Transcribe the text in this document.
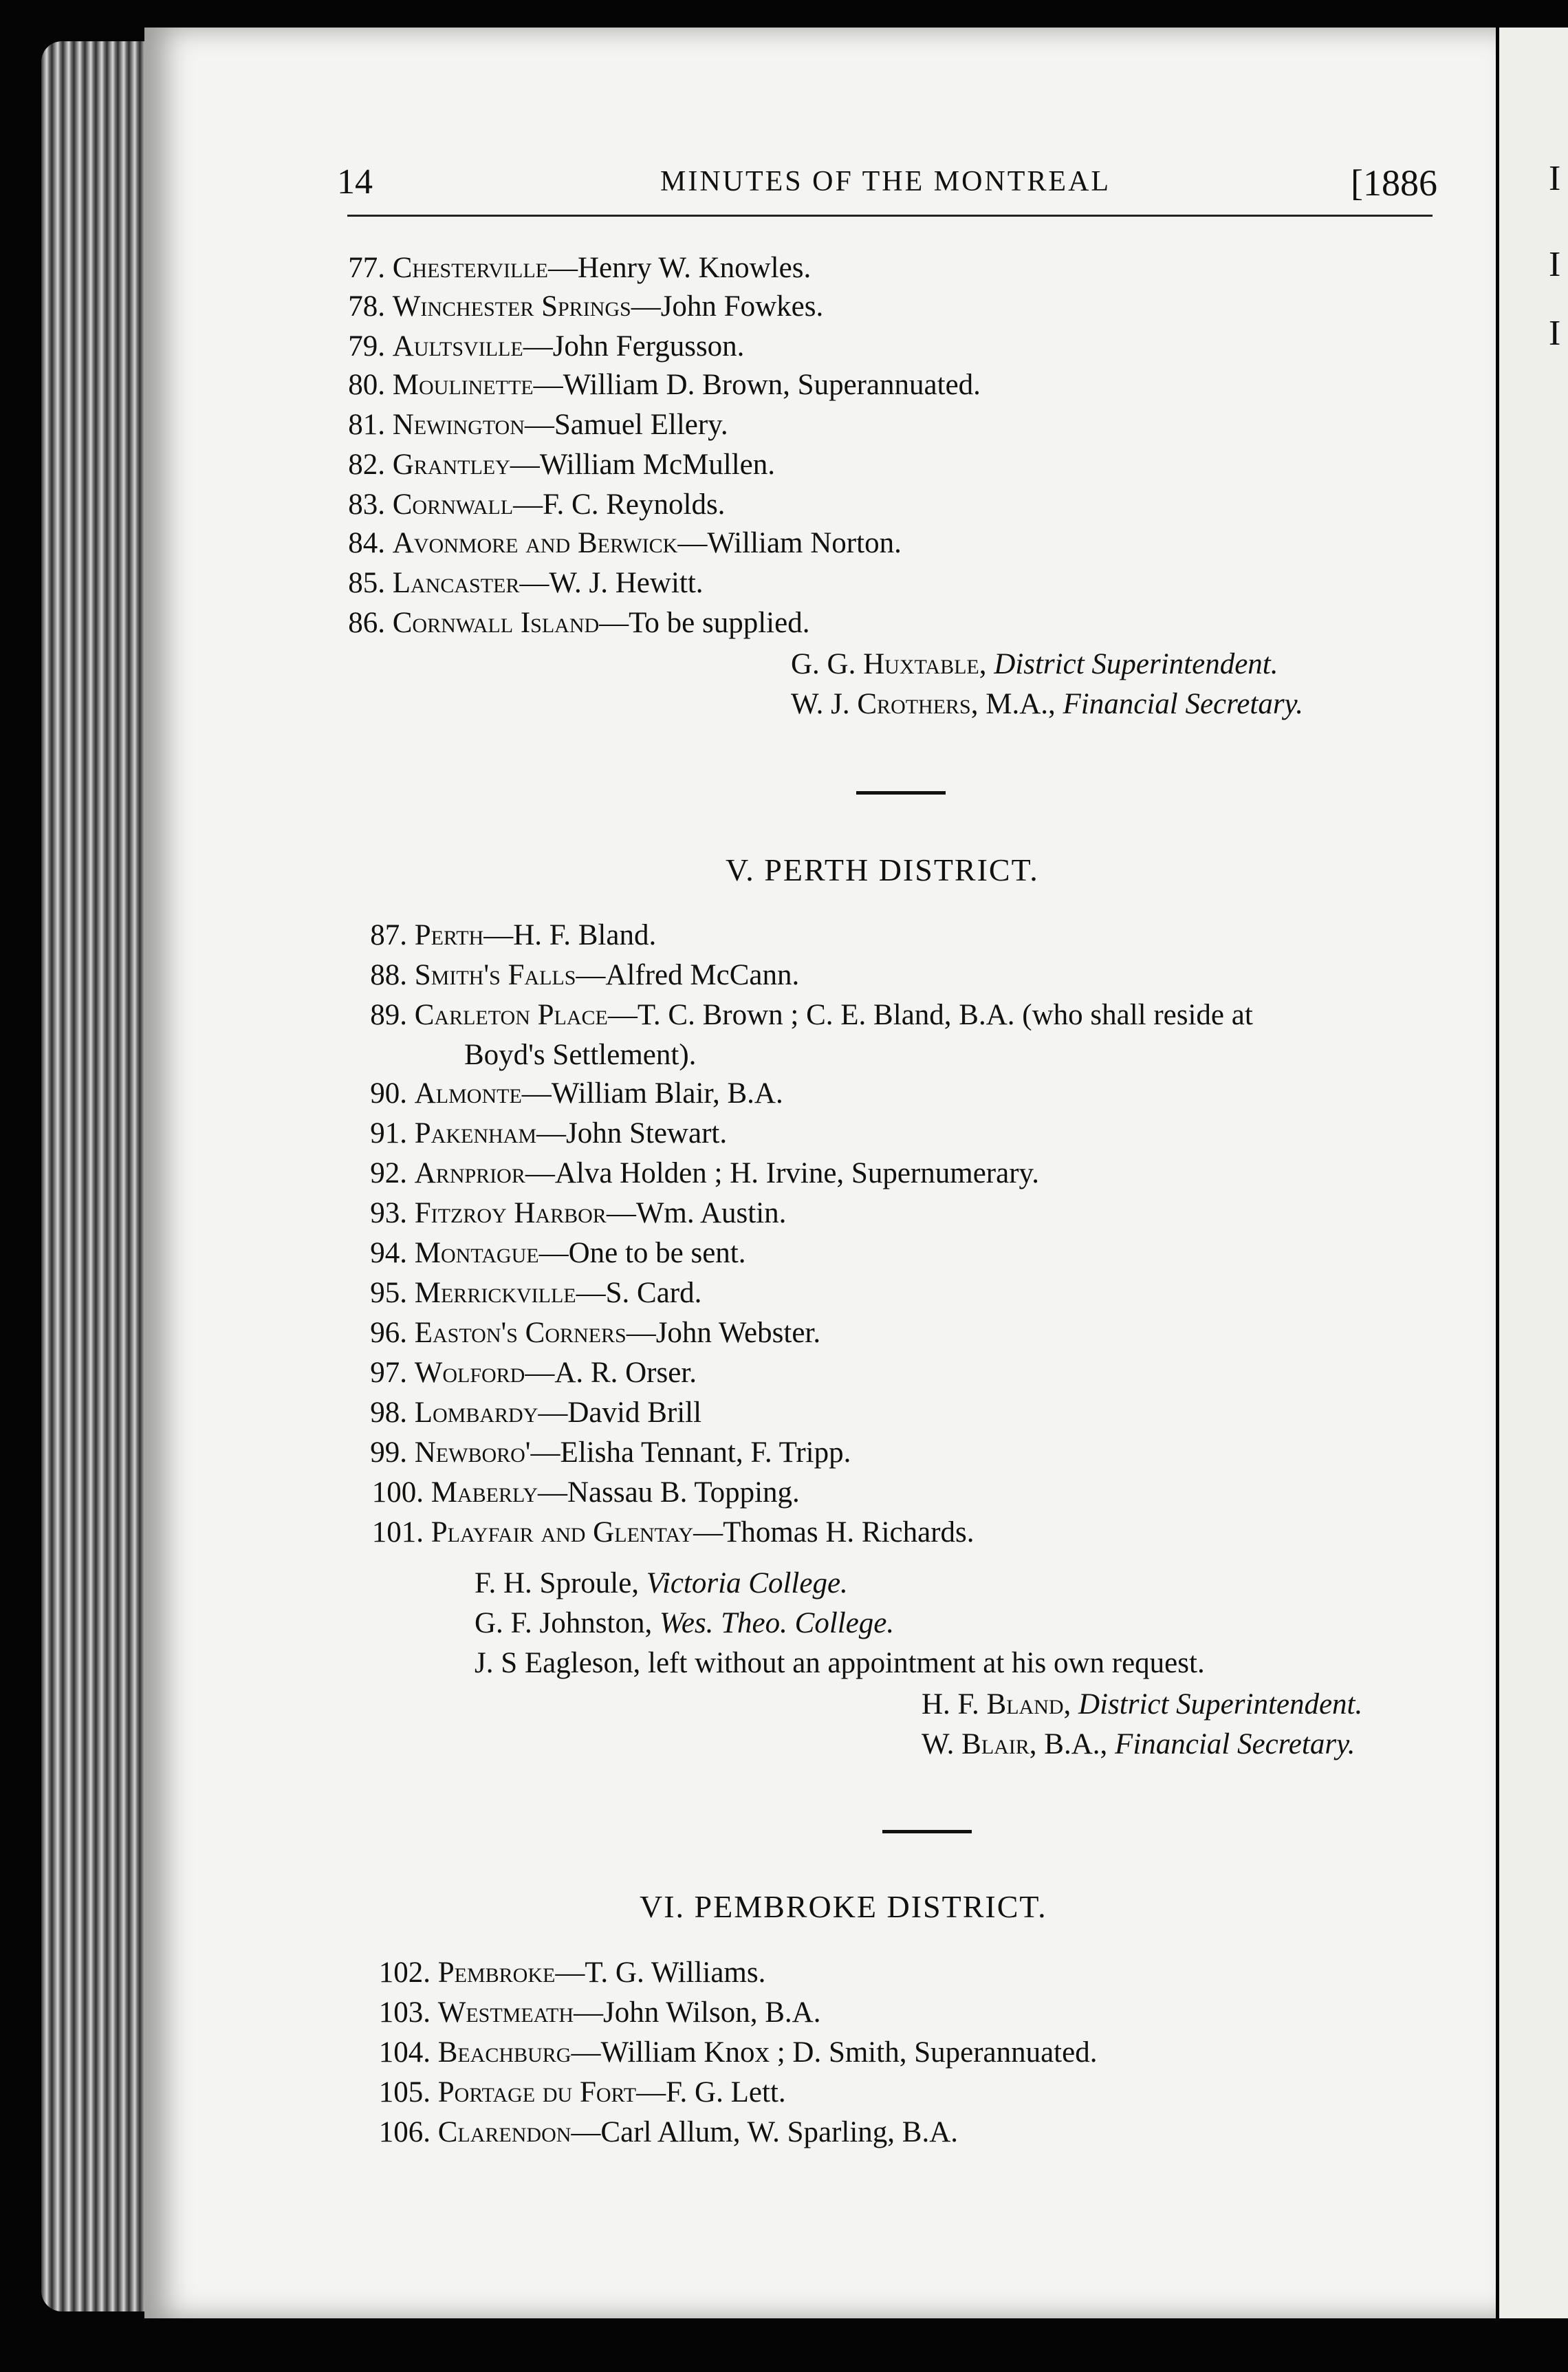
I
I
I
14	MINUTES OF THE MONTREAL	[1886
77. Chesterville—Henry W. Knowles.
78. Winchester Springs—John Fowkes.
79. Aultsville—John Fergusson.
80. Moulinette—William D. Brown, Superannuated.
81. Newington—Samuel Ellery.
82. Grantley—William McMullen.
83. Cornwall—F. C. Reynolds.
84. Avonmore and Berwick—William Norton.
85. Lancaster—W. J. Hewitt.
86. Cornwall Island—To be supplied.
G. G. Huxtable, District Superintendent.
W. J. Crothers, M.A., Financial Secretary.
V. PERTH DISTRICT.
87. Perth—H. F. Bland.
88. Smith's Falls—Alfred McCann.
89. Carleton Place—T. C. Brown ; C. E. Bland, B.A. (who shall reside at
Boyd's Settlement).
90. Almonte—William Blair, B.A.
91. Pakenham—John Stewart.
92. Arnprior—Alva Holden ; H. Irvine, Supernumerary.
93. Fitzroy Harbor—Wm. Austin.
94. Montague—One to be sent.
95. Merrickville—S. Card.
96. Easton's Corners—John Webster.
97. Wolford—A. R. Orser.
98. Lombardy—David Brill
99. Newboro'—Elisha Tennant, F. Tripp.
100. Maberly—Nassau B. Topping.
101. Playfair and Glentay—Thomas H. Richards.
F. H. Sproule, Victoria College.
G. F. Johnston, Wes. Theo. College.
J. S Eagleson, left without an appointment at his own request.
H. F. Bland, District Superintendent.
W. Blair, B.A., Financial Secretary.
VI. PEMBROKE DISTRICT.
102. Pembroke—T. G. Williams.
103. Westmeath—John Wilson, B.A.
104. Beachburg—William Knox ; D. Smith, Superannuated.
105. Portage du Fort—F. G. Lett.
106. Clarendon—Carl Allum, W. Sparling, B.A.
